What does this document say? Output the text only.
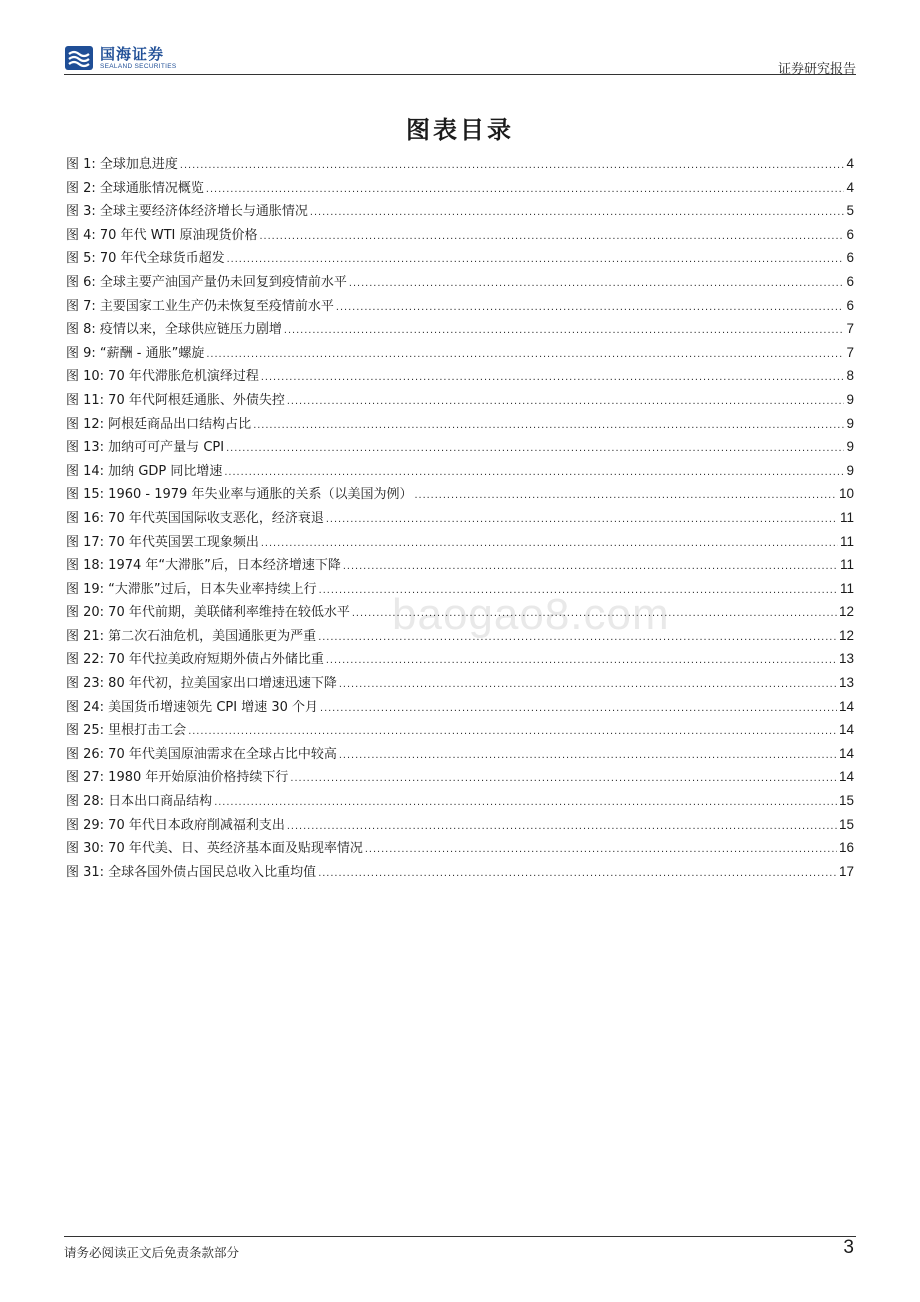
国海证券
SEALAND SECURITIES	证券研究报告
图表目录
baogao8.com
图 1: 全球加息进度 .....	4
图 2: 全球通胀情况概览 .....	4
图 3: 全球主要经济体经济增长与通胀情况 .....	5
图 4: 70 年代 WTI 原油现货价格 .....	6
图 5: 70 年代全球货币超发 .....	6
图 6: 全球主要产油国产量仍未回复到疫情前水平 .....	6
图 7: 主要国家工业生产仍未恢复至疫情前水平 .....	6
图 8: 疫情以来，全球供应链压力剧增 .....	7
图 9: “薪酬 - 通胀”螺旋 .....	7
图 10: 70 年代滞胀危机演绎过程 .....	8
图 11: 70 年代阿根廷通胀、外债失控 .....	9
图 12: 阿根廷商品出口结构占比 .....	9
图 13: 加纳可可产量与 CPI .....	9
图 14: 加纳 GDP 同比增速 .....	9
图 15: 1960 - 1979 年失业率与通胀的关系（以美国为例） .....	10
图 16: 70 年代英国国际收支恶化，经济衰退 .....	11
图 17: 70 年代英国罢工现象频出 .....	11
图 18: 1974 年“大滞胀”后，日本经济增速下降 .....	11
图 19: “大滞胀”过后，日本失业率持续上行 .....	11
图 20: 70 年代前期，美联储利率维持在较低水平 .....	12
图 21: 第二次石油危机，美国通胀更为严重 .....	12
图 22: 70 年代拉美政府短期外债占外储比重 .....	13
图 23: 80 年代初，拉美国家出口增速迅速下降 .....	13
图 24: 美国货币增速领先 CPI 增速 30 个月 .....	14
图 25: 里根打击工会 .....	14
图 26: 70 年代美国原油需求在全球占比中较高 .....	14
图 27: 1980 年开始原油价格持续下行 .....	14
图 28: 日本出口商品结构 .....	15
图 29: 70 年代日本政府削减福利支出 .....	15
图 30: 70 年代美、日、英经济基本面及贴现率情况 .....	16
图 31: 全球各国外债占国民总收入比重均值 .....	17
请务必阅读正文后免责条款部分	3
